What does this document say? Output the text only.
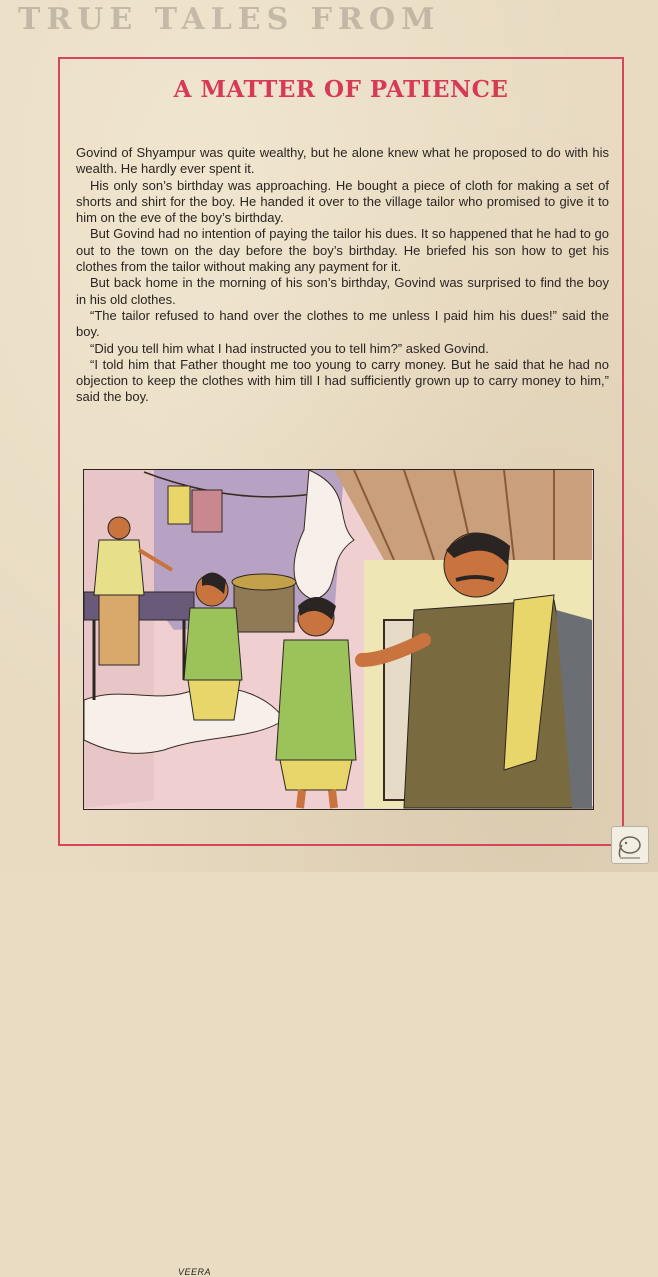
TRUE TALES FROM
A MATTER OF PATIENCE

Govind of Shyampur was quite wealthy, but he alone knew what he proposed to do with his wealth. He hardly ever spent it.

His only son’s birthday was approaching. He bought a piece of cloth for making a set of shorts and shirt for the boy. He handed it over to the village tailor who promised to give it to him on the eve of the boy’s birthday.

But Govind had no intention of paying the tailor his dues. It so happened that he had to go out to the town on the day before the boy’s birthday. He briefed his son how to get his clothes from the tailor without making any payment for it.

But back home in the morning of his son’s birthday, Govind was surprised to find the boy in his old clothes.

“The tailor refused to hand over the clothes to me unless I paid him his dues!” said the boy.

“Did you tell him what I had instructed you to tell him?” asked Govind.

“I told him that Father thought me too young to carry money. But he said that he had no objection to keep the clothes with him till I had sufficiently grown up to carry money to him,” said the boy.

VEERA
